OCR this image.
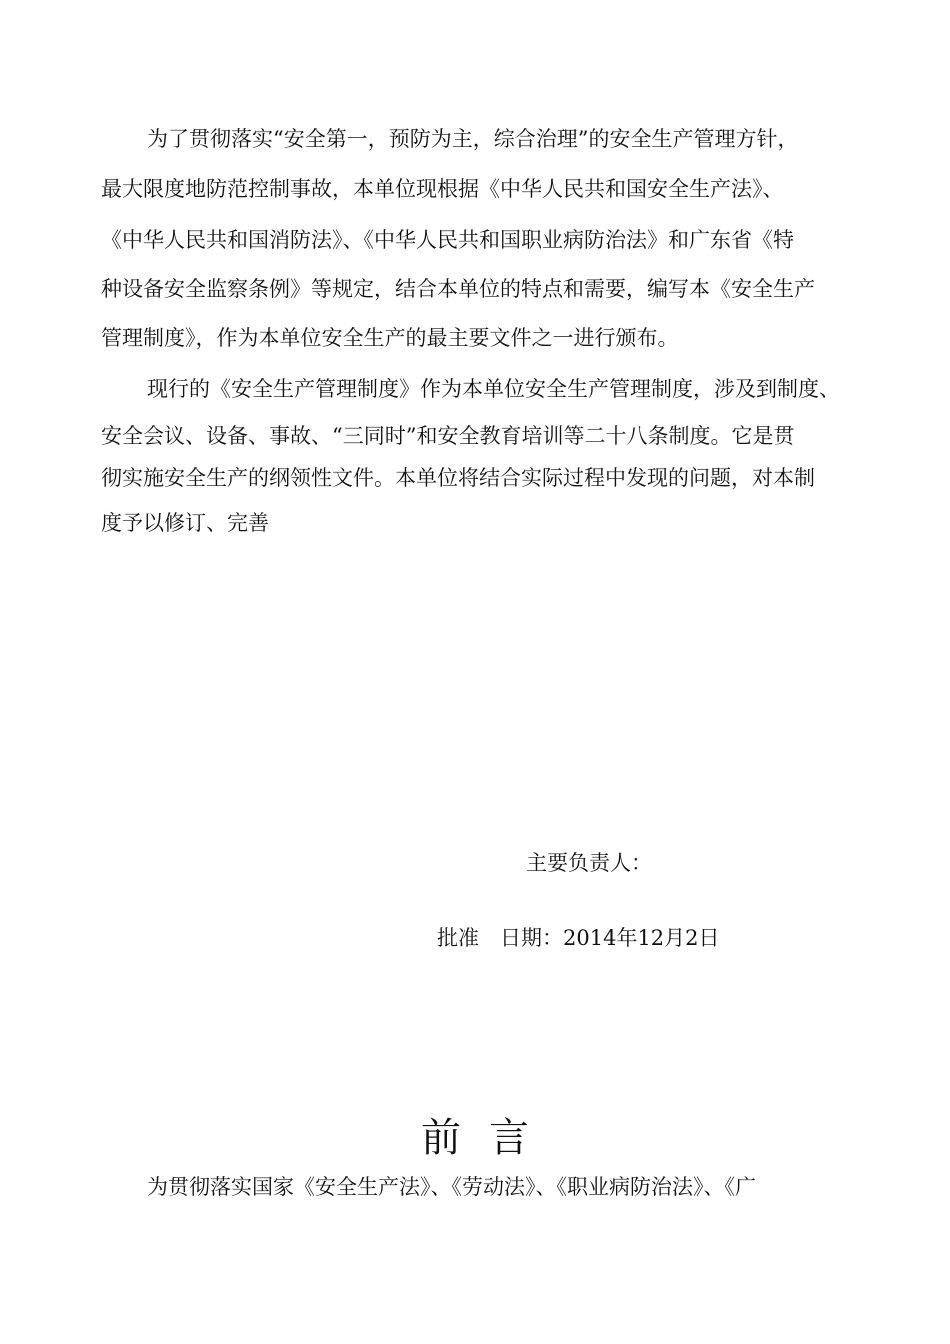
为了贯彻落实“安全第一，预防为主，综合治理”的安全生产管理方针，
最大限度地防范控制事故，本单位现根据《中华人民共和国安全生产法》、
《中华人民共和国消防法》、《中华人民共和国职业病防治法》和广东省《特
种设备安全监察条例》等规定，结合本单位的特点和需要，编写本《安全生产
管理制度》，作为本单位安全生产的最主要文件之一进行颁布。
现行的《安全生产管理制度》作为本单位安全生产管理制度，涉及到制度、
安全会议、设备、事故、“三同时”和安全教育培训等二十八条制度。它是贯
彻实施安全生产的纲领性文件。本单位将结合实际过程中发现的问题，对本制
度予以修订、完善
主要负责人：
批准　日期：2014年12月2日
前言
为贯彻落实国家《安全生产法》、《劳动法》、《职业病防治法》、《广
